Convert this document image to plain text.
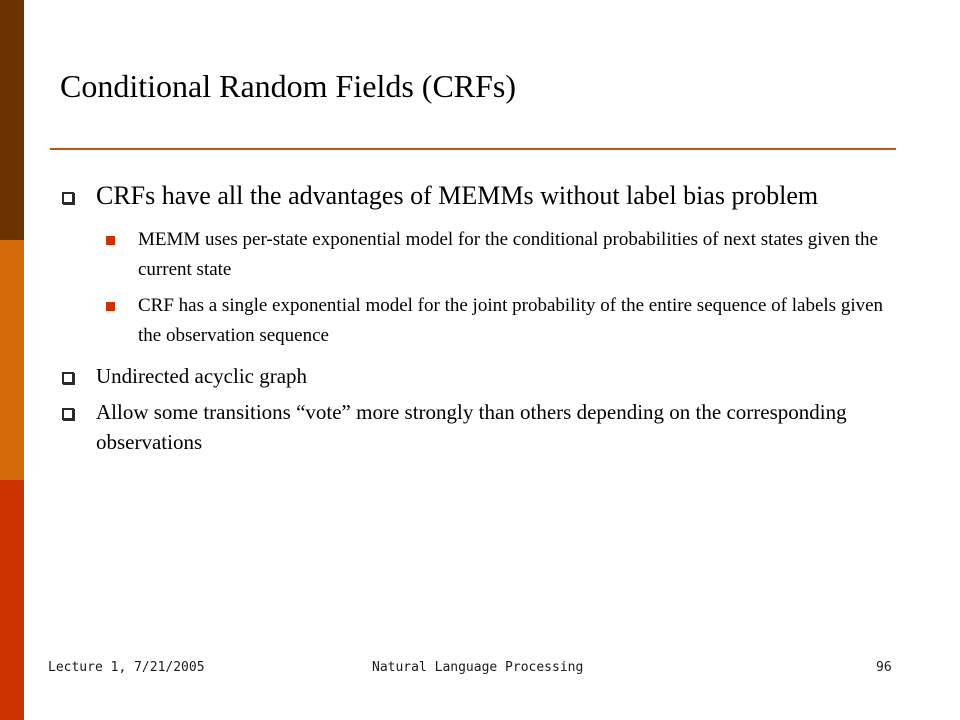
Conditional Random Fields (CRFs)
CRFs have all the advantages of MEMMs without label bias problem
MEMM uses per-state exponential model for the conditional probabilities of next states given the current state
CRF has a single exponential model for the joint probability of the entire sequence of labels given the observation sequence
Undirected acyclic graph
Allow some transitions “vote” more strongly than others depending on the corresponding observations
Lecture 1, 7/21/2005	Natural Language Processing	96
